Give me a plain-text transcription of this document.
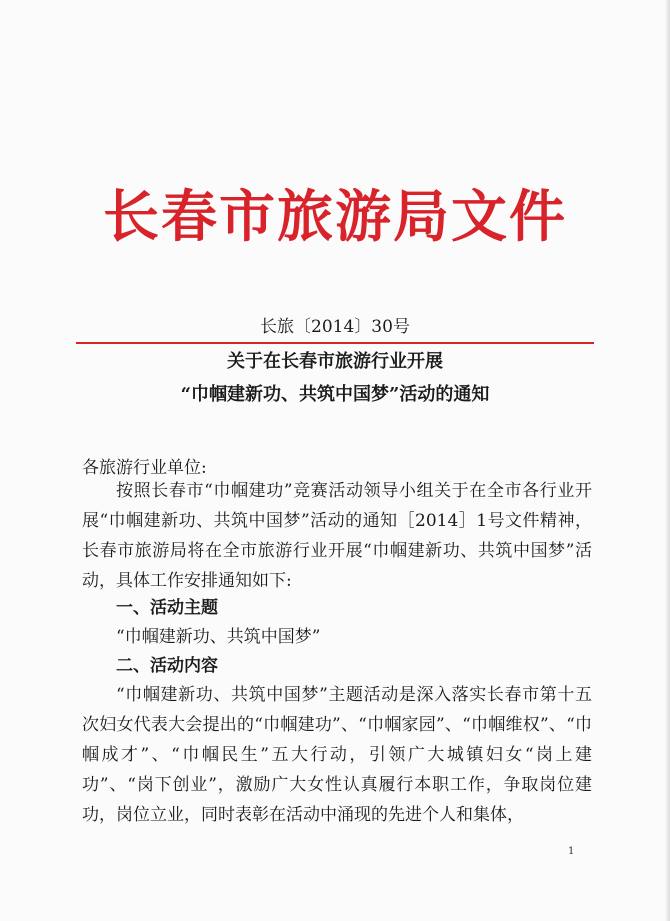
长春市旅游局文件
长旅〔2014〕30号
关于在长春市旅游行业开展
“巾帼建新功、共筑中国梦”活动的通知
各旅游行业单位:
按照长春市“巾帼建功”竞赛活动领导小组关于在全市各行业开展“巾帼建新功、共筑中国梦”活动的通知［2014］1号文件精神，长春市旅游局将在全市旅游行业开展“巾帼建新功、共筑中国梦”活动，具体工作安排通知如下:
一、活动主题
“巾帼建新功、共筑中国梦”
二、活动内容
“巾帼建新功、共筑中国梦”主题活动是深入落实长春市第十五次妇女代表大会提出的“巾帼建功”、“巾帼家园”、“巾帼维权”、“巾帼成才”、“巾帼民生”五大行动，引领广大城镇妇女“岗上建功”、“岗下创业”，激励广大女性认真履行本职工作，争取岗位建功，岗位立业，同时表彰在活动中涌现的先进个人和集体，
1
